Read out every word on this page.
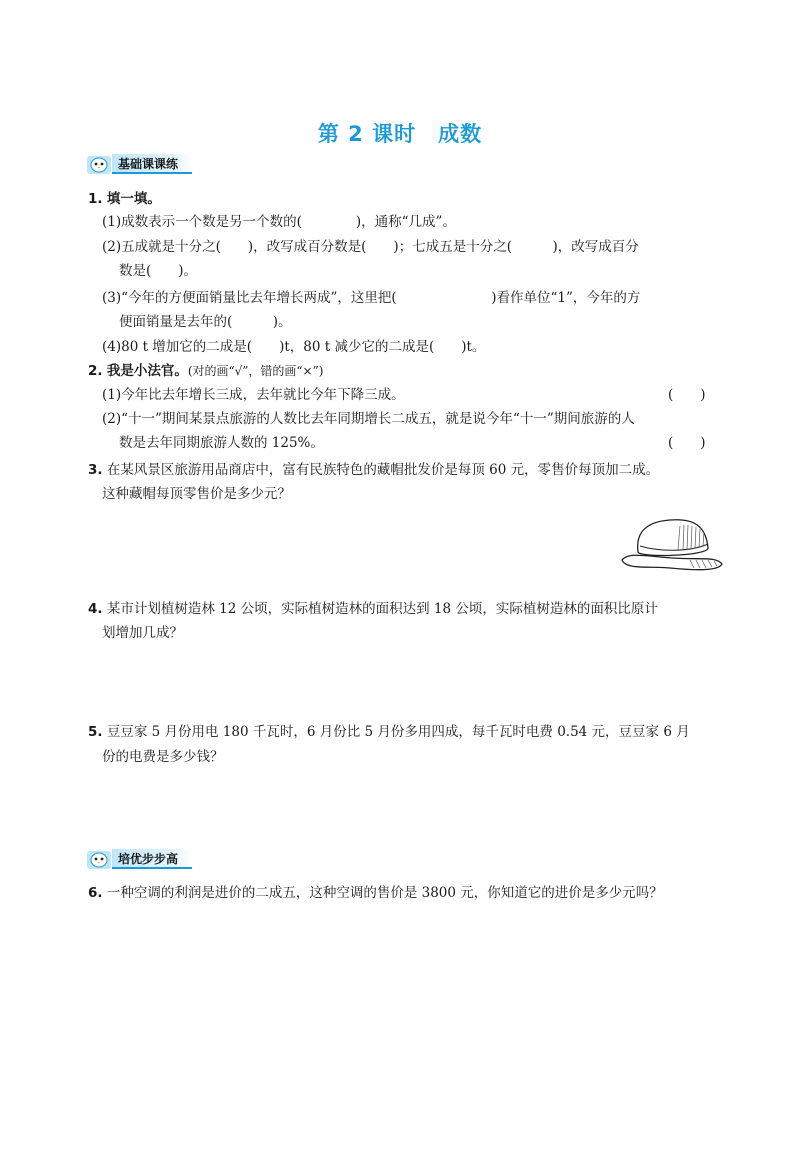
第 2 课时 成数
基础课课练
1. 填一填。
(1)成数表示一个数是另一个数的(　　　　)，通称“几成”。
(2)五成就是十分之(　　)，改写成百分数是(　　)；七成五是十分之(　　　)，改写成百分
数是(　　)。
(3)“今年的方便面销量比去年增长两成”，这里把(　　　　　　　)看作单位“1”，今年的方
便面销量是去年的(　　　)。
(4)80 t 增加它的二成是(　　)t，80 t 减少它的二成是(　　)t。
2. 我是小法官。(对的画“√”，错的画“×”)
(1)今年比去年增长三成，去年就比今年下降三成。	(　　)
(2)“十一”期间某景点旅游的人数比去年同期增长二成五，就是说今年“十一”期间旅游的人
数是去年同期旅游人数的 125%。	(　　)
3. 在某风景区旅游用品商店中，富有民族特色的藏帽批发价是每顶 60 元，零售价每顶加二成。
这种藏帽每顶零售价是多少元？
4. 某市计划植树造林 12 公顷，实际植树造林的面积达到 18 公顷，实际植树造林的面积比原计
划增加几成？
5. 豆豆家 5 月份用电 180 千瓦时，6 月份比 5 月份多用四成，每千瓦时电费 0.54 元，豆豆家 6 月
份的电费是多少钱？
培优步步高
6. 一种空调的利润是进价的二成五，这种空调的售价是 3800 元，你知道它的进价是多少元吗？
